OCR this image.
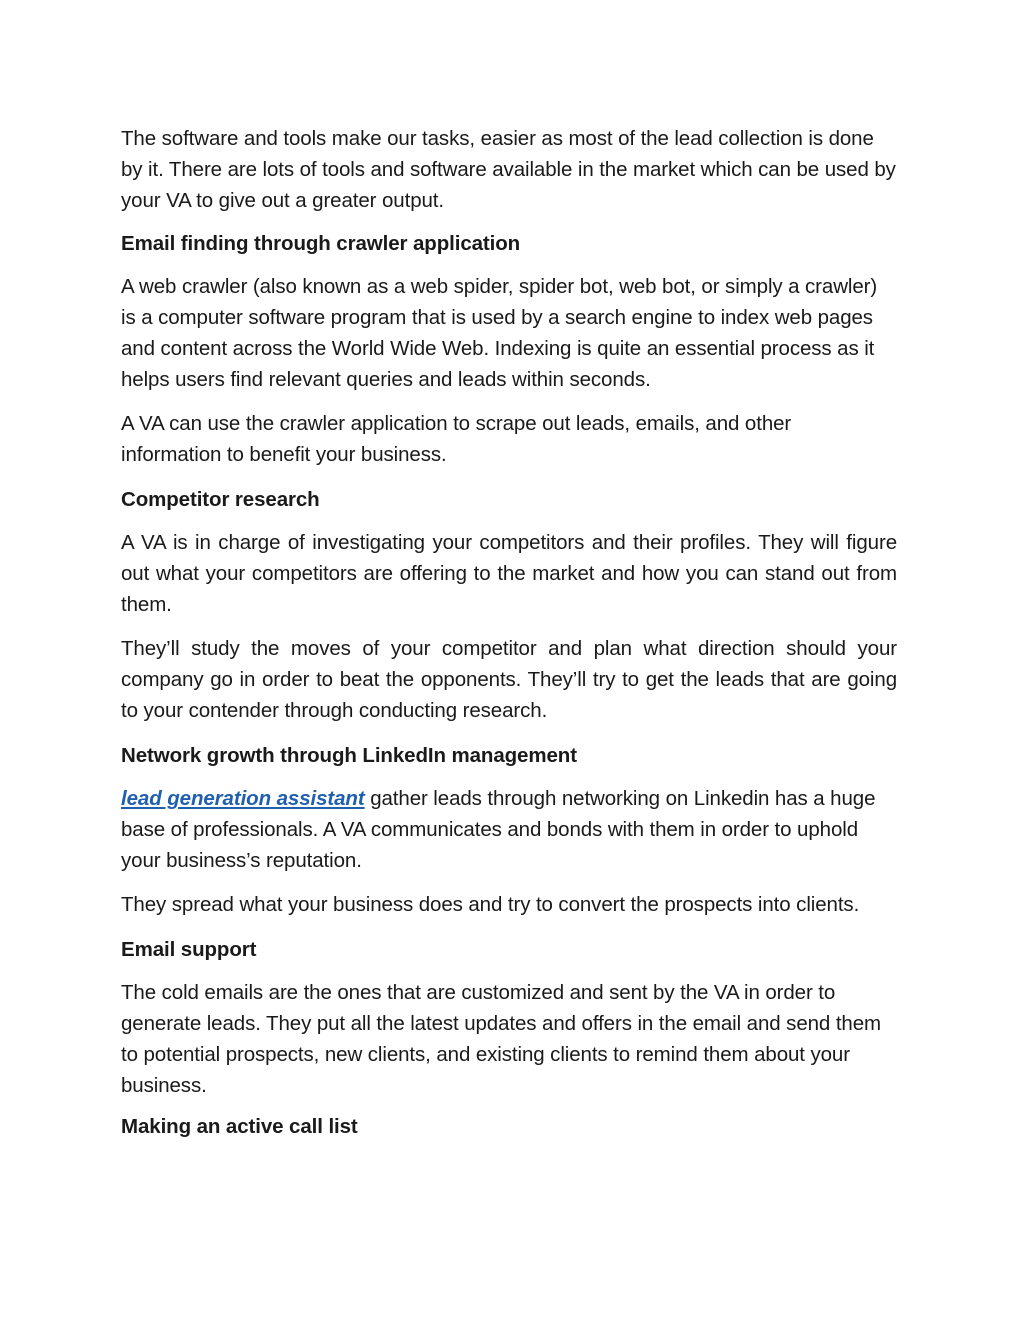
The software and tools make our tasks, easier as most of the lead collection is done by it. There are lots of tools and software available in the market which can be used by your VA to give out a greater output.

Email finding through crawler application

A web crawler (also known as a web spider, spider bot, web bot, or simply a crawler) is a computer software program that is used by a search engine to index web pages and content across the World Wide Web. Indexing is quite an essential process as it helps users find relevant queries and leads within seconds.

A VA can use the crawler application to scrape out leads, emails, and other information to benefit your business.

Competitor research

A VA is in charge of investigating your competitors and their profiles. They will figure out what your competitors are offering to the market and how you can stand out from them.

They’ll study the moves of your competitor and plan what direction should your company go in order to beat the opponents. They’ll try to get the leads that are going to your contender through conducting research.

Network growth through LinkedIn management

lead generation assistant gather leads through networking on Linkedin has a huge base of professionals. A VA communicates and bonds with them in order to uphold your business’s reputation.

They spread what your business does and try to convert the prospects into clients.

Email support

The cold emails are the ones that are customized and sent by the VA in order to generate leads. They put all the latest updates and offers in the email and send them to potential prospects, new clients, and existing clients to remind them about your business.

Making an active call list
